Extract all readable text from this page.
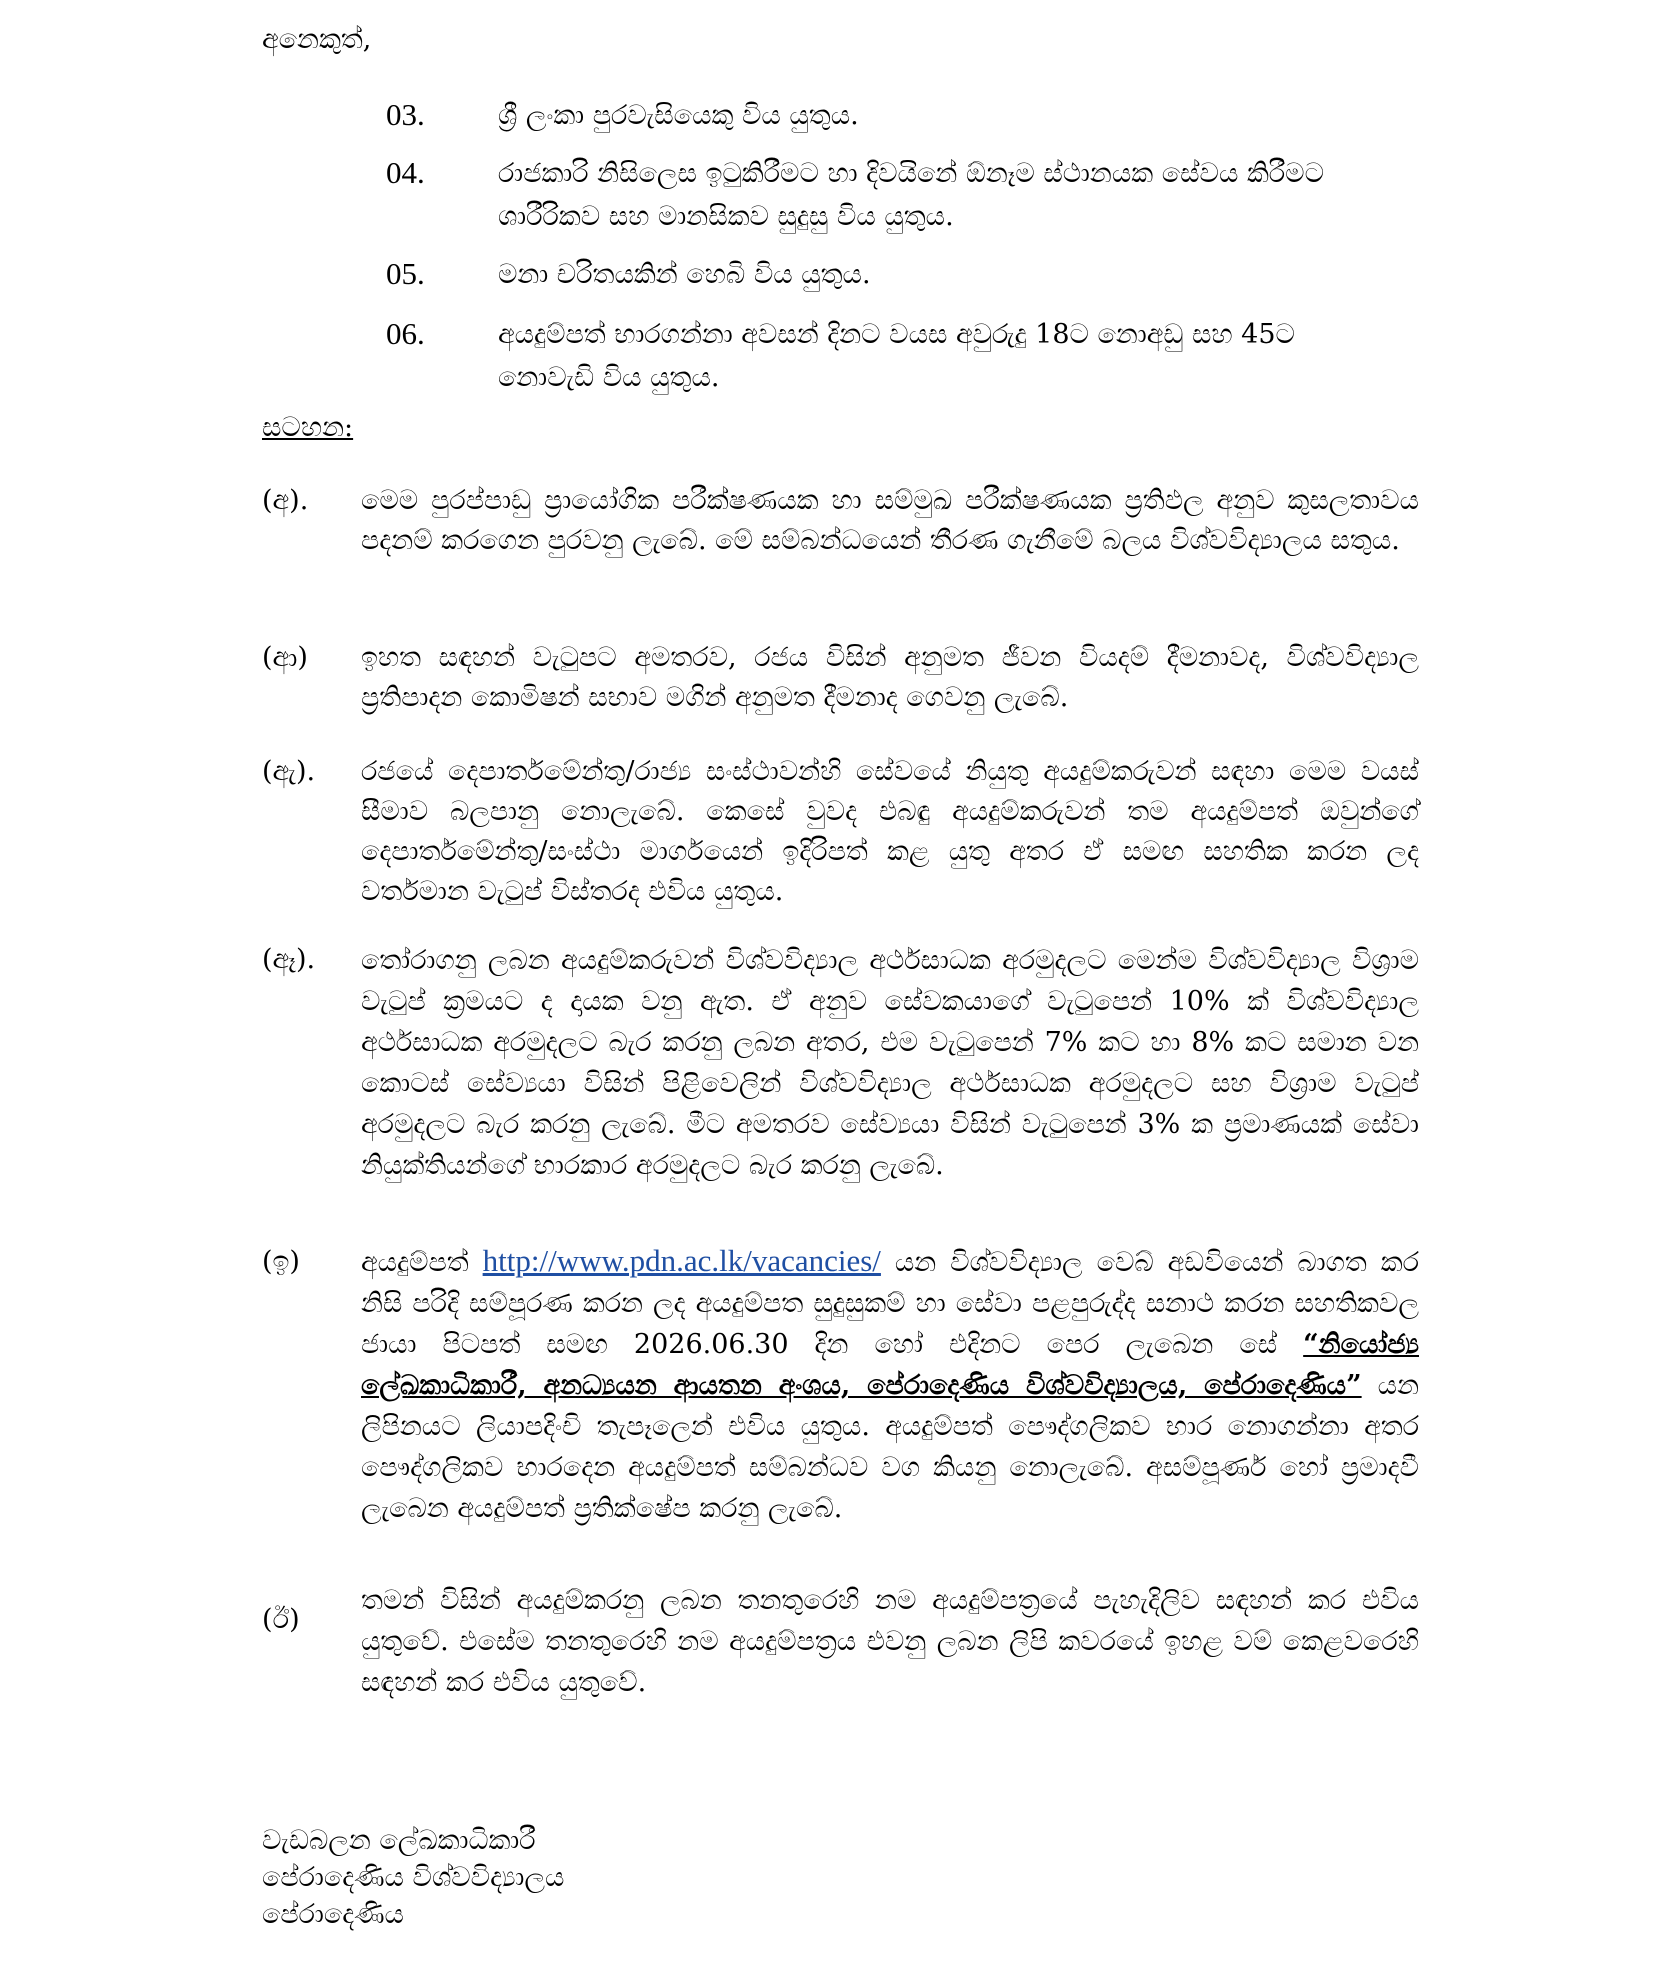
අනෙකුත්,
03.	ශ්‍රී ලංකා පුරවැසියෙකු විය යුතුය.
04.	රාජකාරි නිසිලෙස ඉටුකිරීමට හා දිවයිනේ ඕනෑම ස්ථානයක සේවය කිරීමට ශාරීරිකව සහ මානසිකව සුදුසු විය යුතුය.
05.	මනා චරිතයකින් හෙබි විය යුතුය.
06.	අයදුම්පත් භාරගන්නා අවසන් දිනට වයස අවුරුදු 18ට නොඅඩු සහ 45ට නොවැඩි විය යුතුය.
සටහන:
(අ). මෙම පුරප්පාඩු ප්‍රායෝගික පරීක්ෂණයක හා සම්මුඛ පරීක්ෂණයක ප්‍රතිඵල අනුව කුසලතාවය පදනම් කරගෙන පුරවනු ලැබේ. මේ සම්බන්ධයෙන් තීරණ ගැනීමේ බලය විශ්වවිද්‍යාලය සතුය.
(ආ) ඉහත සඳහන් වැටුපට අමතරව, රජය විසින් අනුමත ජීවන වියදම් දීමනාවද, විශ්වවිද්‍යාල ප්‍රතිපාදන කොමිෂන් සභාව මගින් අනුමත දීමනාද ගෙවනු ලැබේ.
(ඇ). රජයේ දෙපාර්තමේන්තු/රාජ්‍ය සංස්ථාවන්හි සේවයේ නියුතු අයදුම්කරුවන් සඳහා මෙම වයස් සීමාව බලපානු නොලැබේ. කෙසේ වුවද එබඳු අයදුම්කරුවන් තම අයදුම්පත් ඔවුන්ගේ දෙපාර්තමේන්තු/සංස්ථා මාර්ගයෙන් ඉදිරිපත් කළ යුතු අතර ඒ සමඟ සහතික කරන ලද වර්තමාන වැටුප් විස්තරද එවිය යුතුය.
(ඈ). තෝරාගනු ලබන අයදුම්කරුවන් විශ්වවිද්‍යාල අර්ථසාධක අරමුදලට මෙන්ම විශ්වවිද්‍යාල විශ්‍රාම වැටුප් ක්‍රමයට ද දායක වනු ඇත. ඒ අනුව සේවකයාගේ වැටුපෙන් 10% ක් විශ්වවිද්‍යාල අර්ථසාධක අරමුදලට බැර කරනු ලබන අතර, එම වැටුපෙන් 7% කට හා 8% කට සමාන වන කොටස් සේව්‍යයා විසින් පිළිවෙලින් විශ්වවිද්‍යාල අර්ථසාධක අරමුදලට සහ විශ්‍රාම වැටුප් අරමුදලට බැර කරනු ලැබේ. මීට අමතරව සේව්‍යයා විසින් වැටුපෙන් 3% ක ප්‍රමාණයක් සේවා නියුක්තියන්ගේ භාරකාර අරමුදලට බැර කරනු ලැබේ.
(ඉ) අයදුම්පත් http://www.pdn.ac.lk/vacancies/ යන විශ්වවිද්‍යාල වෙබ් අඩවියෙන් බාගත කර නිසි පරිදි සම්පූරණ කරන ලද අයදුම්පත සුදුසුකම් හා සේවා පළපුරුද්ද සනාථ කරන සහතිකවල ජායා පිටපත් සමඟ 2026.06.30 දින හෝ එදිනට පෙර ලැබෙන සේ “නියෝජ්‍ය ලේඛකාධිකාරී, අනධ්‍යයන ආයතන අංශය, පේරාදෙණිය විශ්වවිද්‍යාලය, පේරාදෙණිය” යන ලිපිනයට ලියාපදිංචි තැපෑලෙන් එවිය යුතුය. අයදුම්පත් පෞද්ගලිකව භාර නොගන්නා අතර පෞද්ගලිකව භාරදෙන අයදුම්පත් සම්බන්ධව වග කියනු නොලැබේ. අසම්පූර්ණ හෝ ප්‍රමාදවී ලැබෙන අයදුම්පත් ප්‍රතික්ෂේප කරනු ලැබේ.
(ඊ)
තමන් විසින් අයදුම්කරනු ලබන තනතුරෙහි නම අයදුම්පත්‍රයේ පැහැදිලිව සඳහන් කර එවිය යුතුවේ. එසේම තනතුරෙහි නම අයදුම්පත්‍රය එවනු ලබන ලිපි කවරයේ ඉහළ වම් කෙළවරෙහි සඳහන් කර එවිය යුතුවේ.
වැඩබලන ලේඛකාධිකාරී
පේරාදෙණිය විශ්වවිද්‍යාලය
පේරාදෙණිය
